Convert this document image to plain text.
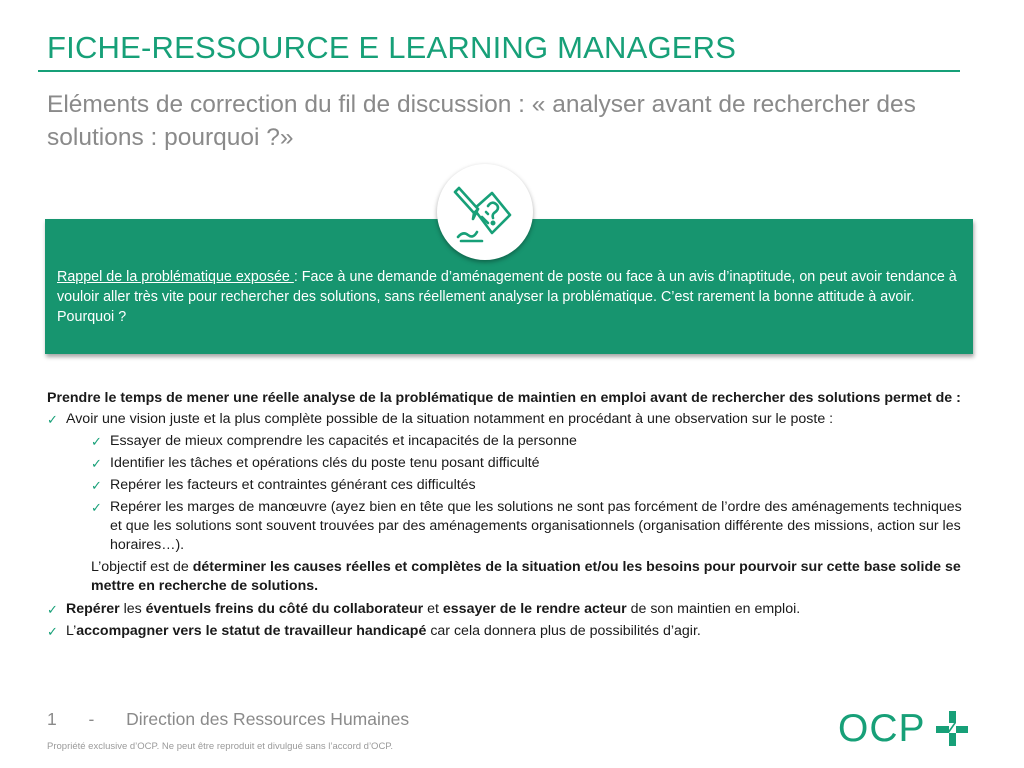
FICHE-RESSOURCE E LEARNING MANAGERS
Eléments de correction du fil de discussion : « analyser avant de rechercher des solutions : pourquoi ?»
Rappel de la problématique exposée : Face à une demande d’aménagement de poste ou face à un avis d’inaptitude, on peut avoir tendance à vouloir aller très vite pour rechercher des solutions, sans réellement analyser la problématique. C’est rarement la bonne attitude à avoir. Pourquoi ?
Prendre le temps de mener une réelle analyse de la problématique de maintien en emploi avant de rechercher des solutions permet de :
✓ Avoir une vision juste et la plus complète possible de la situation notamment en procédant à une observation sur le poste :
✓ Essayer de mieux comprendre les capacités et incapacités de la personne
✓ Identifier les tâches et opérations clés du poste tenu posant difficulté
✓ Repérer les facteurs et contraintes générant ces difficultés
✓ Repérer les marges de manœuvre (ayez bien en tête que les solutions ne sont pas forcément de l’ordre des aménagements techniques et que les solutions sont souvent trouvées par des aménagements organisationnels (organisation différente des missions, action sur les horaires…).
L’objectif est de déterminer les causes réelles et complètes de la situation et/ou les besoins pour pourvoir sur cette base solide se mettre en recherche de solutions.
✓ Repérer les éventuels freins du côté du collaborateur et essayer de le rendre acteur de son maintien en emploi.
✓ L’accompagner vers le statut de travailleur handicapé car cela donnera plus de possibilités d’agir.
1 - Direction des Ressources Humaines
Propriété exclusive d’OCP. Ne peut être reproduit et divulgué sans l’accord d’OCP.	OCP
